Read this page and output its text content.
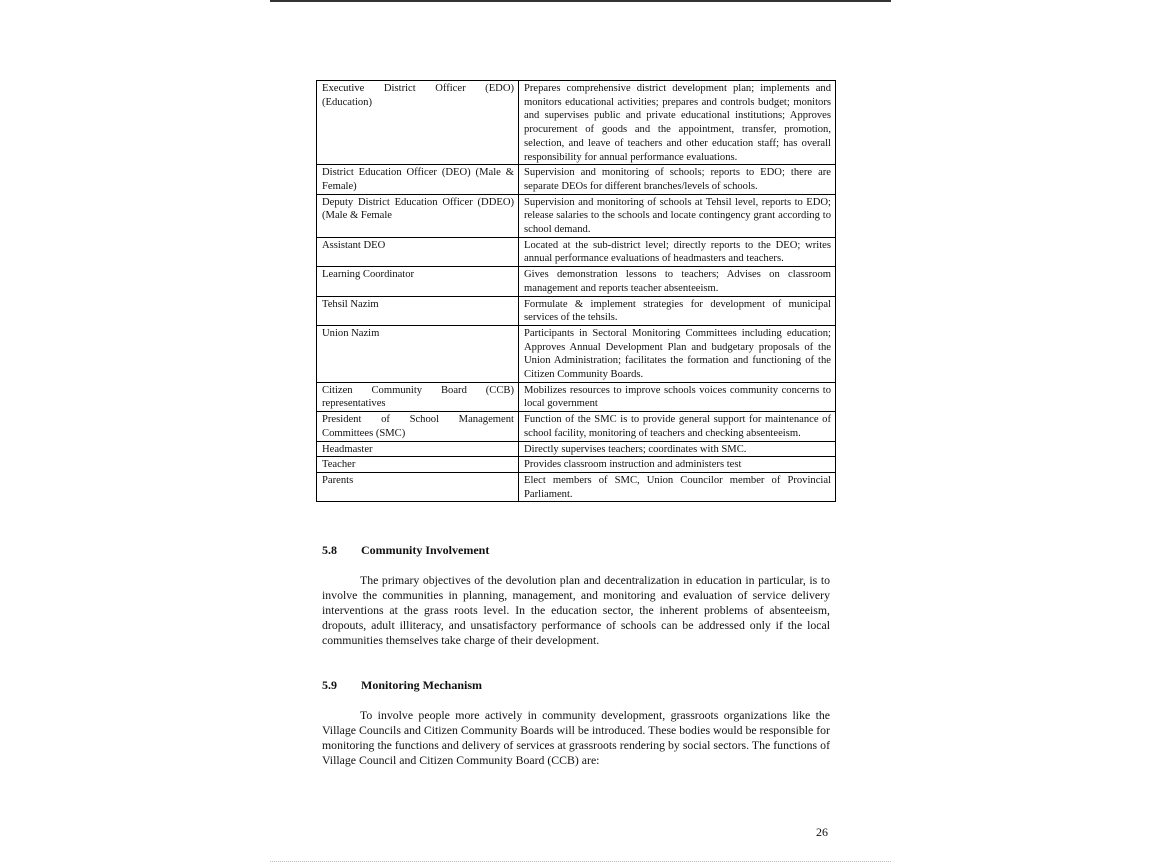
Executive District Officer (EDO) (Education)	Prepares comprehensive district development plan; implements and monitors educational activities; prepares and controls budget; monitors and supervises public and private educational institutions; Approves procurement of goods and the appointment, transfer, promotion, selection, and leave of teachers and other education staff; has overall responsibility for annual performance evaluations.
District Education Officer (DEO) (Male & Female)	Supervision and monitoring of schools; reports to EDO; there are separate DEOs for different branches/levels of schools.
Deputy District Education Officer (DDEO) (Male & Female	Supervision and monitoring of schools at Tehsil level, reports to EDO; release salaries to the schools and locate contingency grant according to school demand.
Assistant DEO	Located at the sub-district level; directly reports to the DEO; writes annual performance evaluations of headmasters and teachers.
Learning Coordinator	Gives demonstration lessons to teachers; Advises on classroom management and reports teacher absenteeism.
Tehsil Nazim	Formulate & implement strategies for development of municipal services of the tehsils.
Union Nazim	Participants in Sectoral Monitoring Committees including education; Approves Annual Development Plan and budgetary proposals of the Union Administration; facilitates the formation and functioning of the Citizen Community Boards.
Citizen Community Board (CCB) representatives	Mobilizes resources to improve schools voices community concerns to local government
President of School Management Committees (SMC)	Function of the SMC is to provide general support for maintenance of school facility, monitoring of teachers and checking absenteeism.
Headmaster	Directly supervises teachers; coordinates with SMC.
Teacher	Provides classroom instruction and administers test
Parents	Elect members of SMC, Union Councilor member of Provincial Parliament.
5.8 Community Involvement

The primary objectives of the devolution plan and decentralization in education in particular, is to involve the communities in planning, management, and monitoring and evaluation of service delivery interventions at the grass roots level. In the education sector, the inherent problems of absenteeism, dropouts, adult illiteracy, and unsatisfactory performance of schools can be addressed only if the local communities themselves take charge of their development.

5.9 Monitoring Mechanism

To involve people more actively in community development, grassroots organizations like the Village Councils and Citizen Community Boards will be introduced. These bodies would be responsible for monitoring the functions and delivery of services at grassroots rendering by social sectors. The functions of Village Council and Citizen Community Board (CCB) are:

26
